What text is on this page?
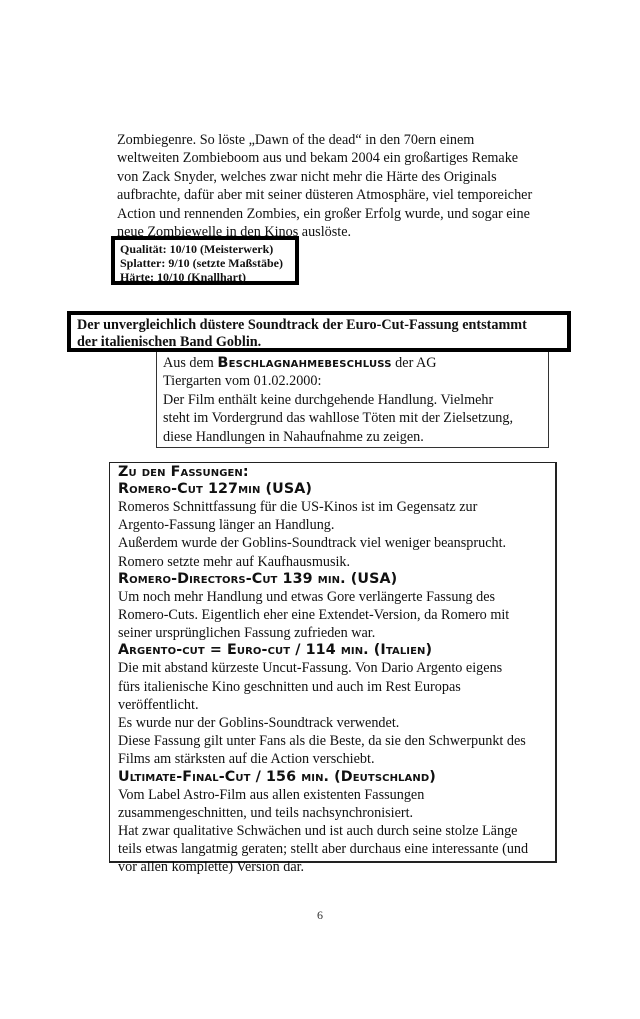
Zombiegenre. So löste „Dawn of the dead“ in den 70ern einem
weltweiten Zombieboom aus und bekam 2004 ein großartiges Remake
von Zack Snyder, welches zwar nicht mehr die Härte des Originals
aufbrachte, dafür aber mit seiner düsteren Atmosphäre, viel temporeicher
Action und rennenden Zombies, ein großer Erfolg wurde, und sogar eine
neue Zombiewelle in den Kinos auslöste.
Qualität: 10/10 (Meisterwerk)
Splatter: 9/10 (setzte Maßstäbe)
Härte: 10/10 (Knallhart)
Der unvergleichlich düstere Soundtrack der Euro-Cut-Fassung entstammt
der italienischen Band Goblin.
Aus dem Beschlagnahmebeschluss der AG
Tiergarten vom 01.02.2000:
Der Film enthält keine durchgehende Handlung. Vielmehr
steht im Vordergrund das wahllose Töten mit der Zielsetzung,
diese Handlungen in Nahaufnahme zu zeigen.
Zu den Fassungen:
Romero-Cut 127min (USA)
Romeros Schnittfassung für die US-Kinos ist im Gegensatz zur
Argento-Fassung länger an Handlung.
Außerdem wurde der Goblins-Soundtrack viel weniger beansprucht.
Romero setzte mehr auf Kaufhausmusik.
Romero-Directors-Cut 139 min. (USA)
Um noch mehr Handlung und etwas Gore verlängerte Fassung des
Romero-Cuts. Eigentlich eher eine Extendet-Version, da Romero mit
seiner ursprünglichen Fassung zufrieden war.
Argento-cut = Euro-cut / 114 min. (Italien)
Die mit abstand kürzeste Uncut-Fassung. Von Dario Argento eigens
fürs italienische Kino geschnitten und auch im Rest Europas
veröffentlicht.
Es wurde nur der Goblins-Soundtrack verwendet.
Diese Fassung gilt unter Fans als die Beste, da sie den Schwerpunkt des
Films am stärksten auf die Action verschiebt.
Ultimate-Final-Cut / 156 min. (Deutschland)
Vom Label Astro-Film aus allen existenten Fassungen
zusammengeschnitten, und teils nachsynchronisiert.
Hat zwar qualitative Schwächen und ist auch durch seine stolze Länge
teils etwas langatmig geraten; stellt aber durchaus eine interessante (und
vor allen komplette) Version dar.
6
